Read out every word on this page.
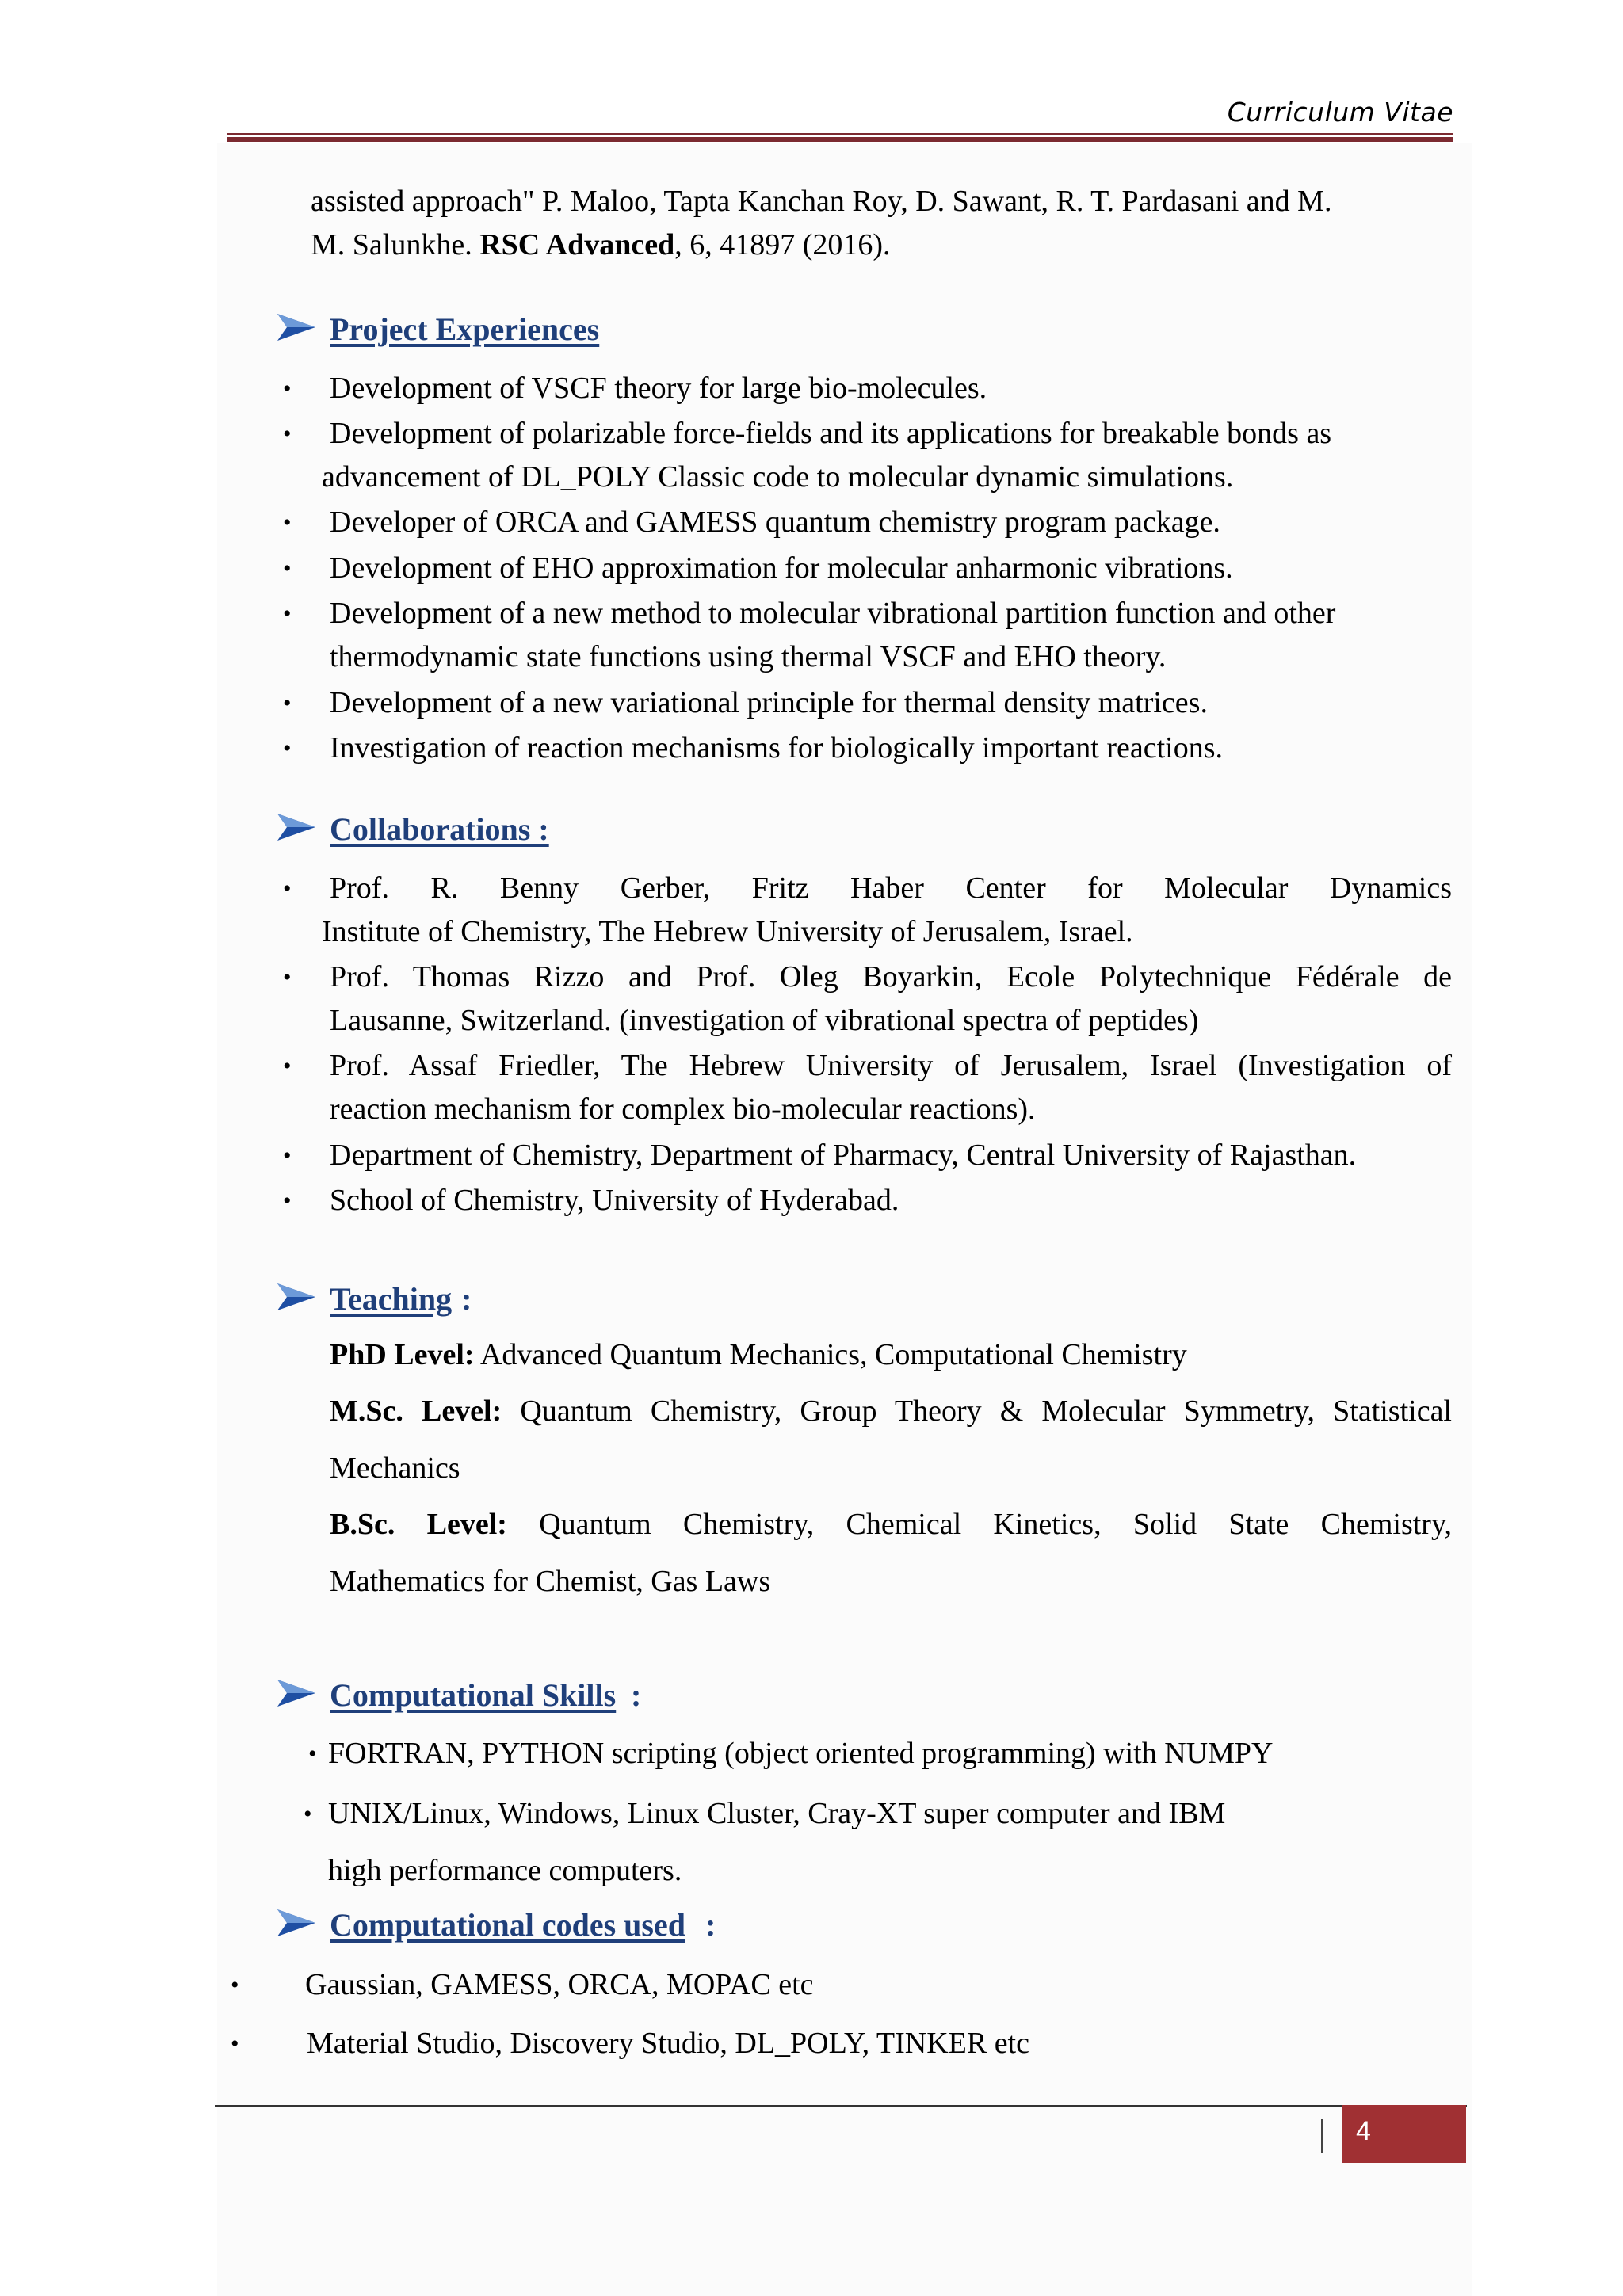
Curriculum Vitae
assisted approach" P. Maloo, Tapta Kanchan Roy, D. Sawant, R. T. Pardasani and M.
M. Salunkhe. RSC Advanced, 6, 41897 (2016).
Project Experiences
• Development of VSCF theory for large bio-molecules.
• Development of polarizable force-fields and its applications for breakable bonds as
advancement of DL_POLY Classic code to molecular dynamic simulations.
• Developer of ORCA and GAMESS quantum chemistry program package.
• Development of EHO approximation for molecular anharmonic vibrations.
• Development of a new method to molecular vibrational partition function and other
thermodynamic state functions using thermal VSCF and EHO theory.
• Development of a new variational principle for thermal density matrices.
• Investigation of reaction mechanisms for biologically important reactions.
Collaborations :
• Prof. R. Benny Gerber, Fritz Haber Center for Molecular Dynamics
Institute of Chemistry, The Hebrew University of Jerusalem, Israel.
• Prof. Thomas Rizzo and Prof. Oleg Boyarkin, Ecole Polytechnique Fédérale de
Lausanne, Switzerland. (investigation of vibrational spectra of peptides)
• Prof. Assaf Friedler, The Hebrew University of Jerusalem, Israel (Investigation of
reaction mechanism for complex bio-molecular reactions).
• Department of Chemistry, Department of Pharmacy, Central University of Rajasthan.
• School of Chemistry, University of Hyderabad.
Teaching :
PhD Level: Advanced Quantum Mechanics, Computational Chemistry
M.Sc. Level: Quantum Chemistry, Group Theory & Molecular Symmetry, Statistical
Mechanics
B.Sc. Level: Quantum Chemistry, Chemical Kinetics, Solid State Chemistry,
Mathematics for Chemist, Gas Laws
Computational Skills :
• FORTRAN, PYTHON scripting (object oriented programming) with NUMPY
• UNIX/Linux, Windows, Linux Cluster, Cray-XT super computer and IBM
high performance computers.
Computational codes used :
• Gaussian, GAMESS, ORCA, MOPAC etc
• Material Studio, Discovery Studio, DL_POLY, TINKER etc
4
